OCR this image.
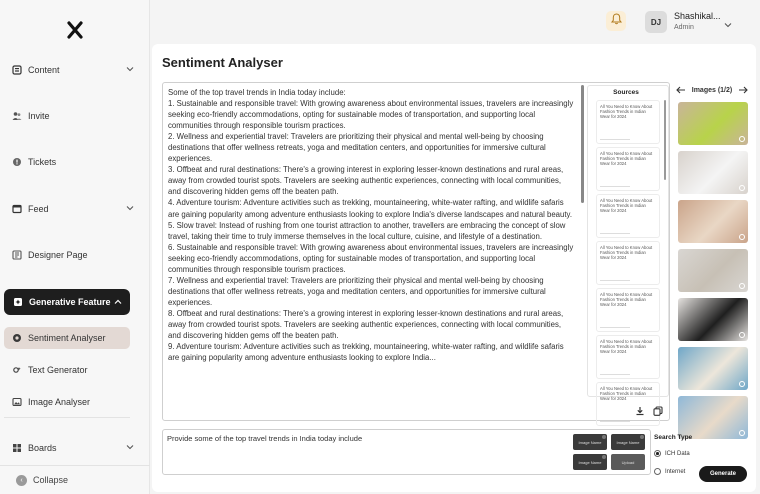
Content
Invite
Tickets
Feed
Designer Page
Generative Feature
Sentiment Analyser
Text Generator
Image Analyser
Boards
‹	Collapse
DJ
Shashikal...
Admin
Sentiment Analyser

Some of the top travel trends in India today include:

1. Sustainable and responsible travel: With growing awareness about environmental issues, travelers are increasingly seeking eco-friendly accommodations, opting for sustainable modes of transportation, and supporting local communities through responsible tourism practices.

2. Wellness and experiential travel: Travelers are prioritizing their physical and mental well-being by choosing destinations that offer wellness retreats, yoga and meditation centers, and opportunities for immersive cultural experiences.

3. Offbeat and rural destinations: There's a growing interest in exploring lesser-known destinations and rural areas, away from crowded tourist spots. Travelers are seeking authentic experiences, connecting with local communities, and discovering hidden gems off the beaten path.

4. Adventure tourism: Adventure activities such as trekking, mountaineering, white-water rafting, and wildlife safaris are gaining popularity among adventure enthusiasts looking to explore India's diverse landscapes and natural beauty.

5. Slow travel: Instead of rushing from one tourist attraction to another, travellers are embracing the concept of slow travel, taking their time to truly immerse themselves in the local culture, cuisine, and lifestyle of a destination.

6. Sustainable and responsible travel: With growing awareness about environmental issues, travelers are increasingly seeking eco-friendly accommodations, opting for sustainable modes of transportation, and supporting local communities through responsible tourism practices.

7. Wellness and experiential travel: Travelers are prioritizing their physical and mental well-being by choosing destinations that offer wellness retreats, yoga and meditation centers, and opportunities for immersive cultural experiences.

8. Offbeat and rural destinations: There's a growing interest in exploring lesser-known destinations and rural areas, away from crowded tourist spots. Travelers are seeking authentic experiences, connecting with local communities, and discovering hidden gems off the beaten path.

9. Adventure tourism: Adventure activities such as trekking, mountaineering, white-water rafting, and wildlife safaris are gaining popularity among adventure enthusiasts looking to explore India...

Sources
All You Need to Know About Fashion Trends in Indian Wear for 2024
All You Need to Know About Fashion Trends in Indian Wear for 2024
All You Need to Know About Fashion Trends in Indian Wear for 2024
All You Need to Know About Fashion Trends in Indian Wear for 2024
All You Need to Know About Fashion Trends in Indian Wear for 2024
All You Need to Know About Fashion Trends in Indian Wear for 2024
All You Need to Know About Fashion Trends in Indian Wear for 2024
Images (1/2)
Provide some of the top travel trends in India today include	Image Name	Image Name
Image Name	Upload
Search Type
ICH Data
Internet	Generate
